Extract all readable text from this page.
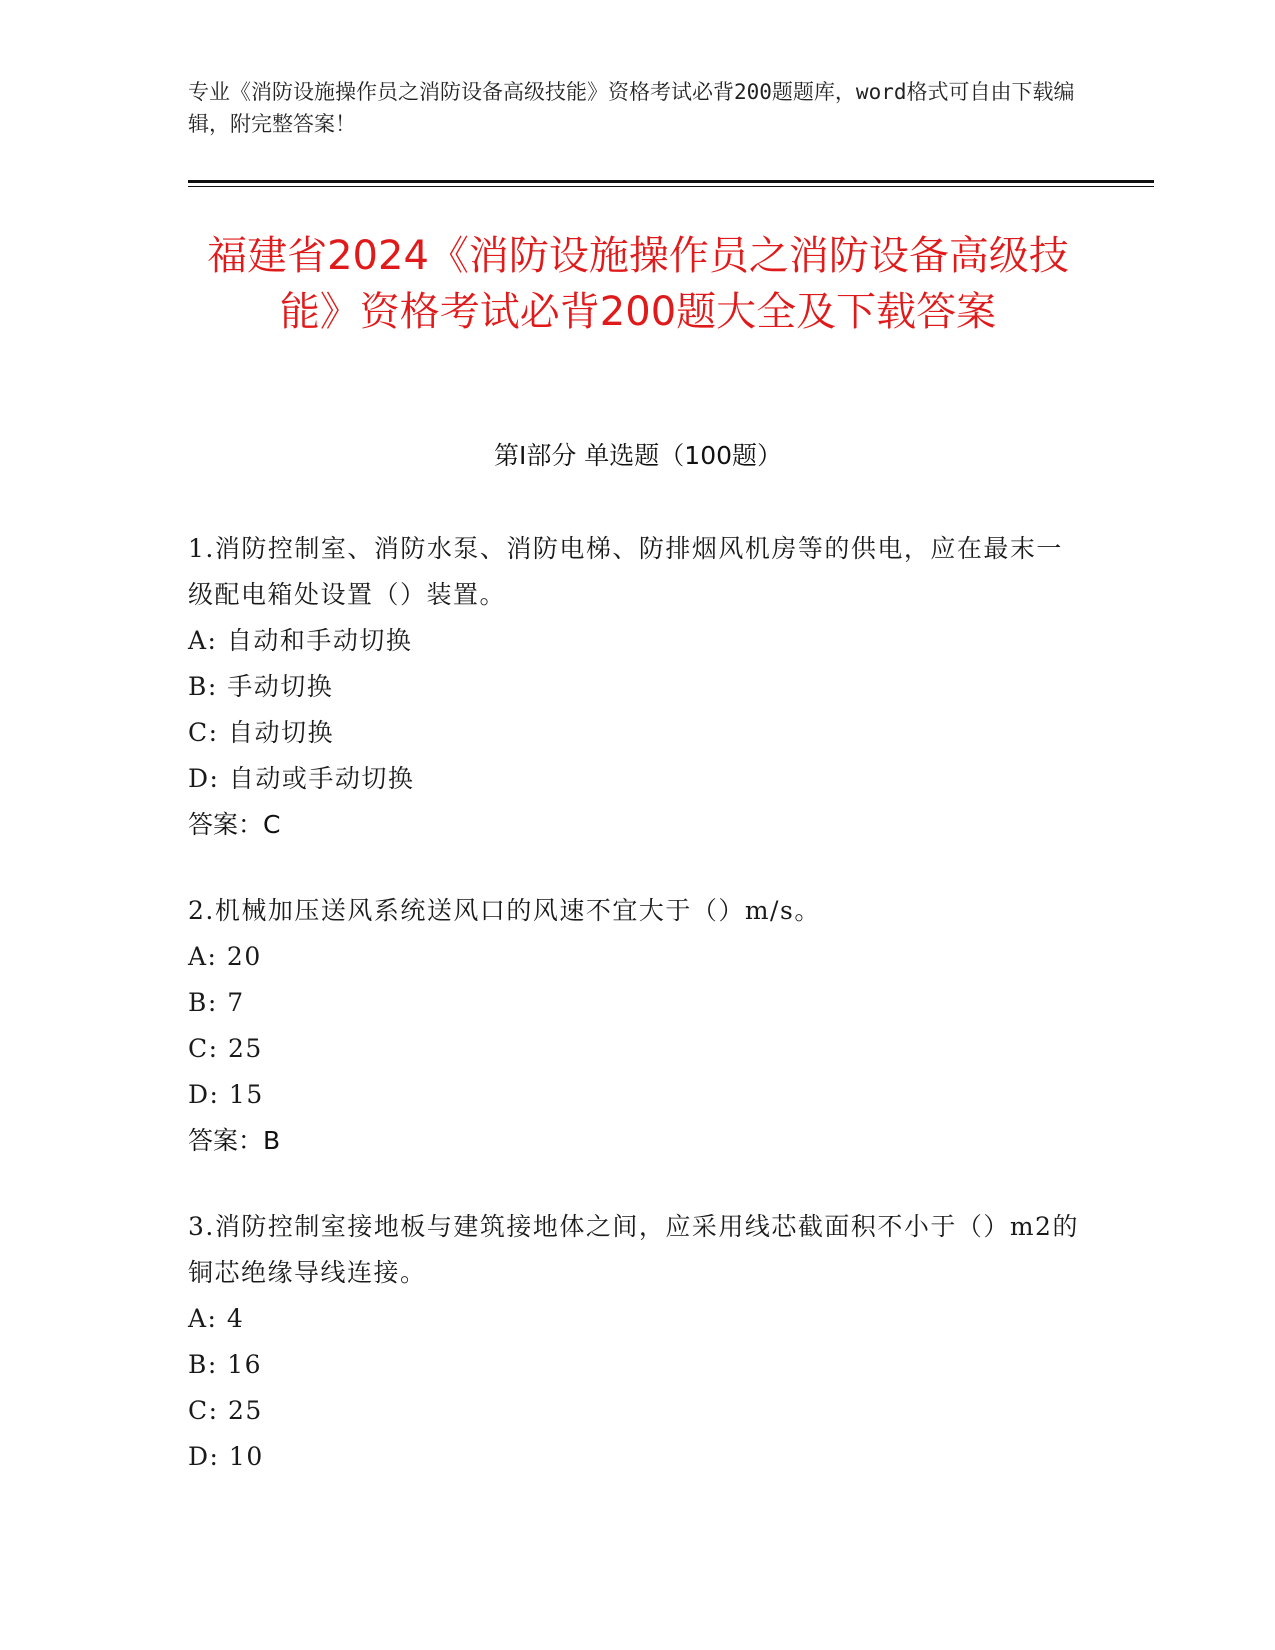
专业《消防设施操作员之消防设备高级技能》资格考试必背200题题库，word格式可自由下载编辑，附完整答案！
福建省2024《消防设施操作员之消防设备高级技能》资格考试必背200题大全及下载答案
第I部分 单选题（100题）

1.消防控制室、消防水泵、消防电梯、防排烟风机房等的供电，应在最末一级配电箱处设置（）装置。

A: 自动和手动切换

B: 手动切换

C: 自动切换

D: 自动或手动切换

答案：C

2.机械加压送风系统送风口的风速不宜大于（）m/s。

A: 20

B: 7

C: 25

D: 15

答案：B

3.消防控制室接地板与建筑接地体之间，应采用线芯截面积不小于（）m2的铜芯绝缘导线连接。

A: 4

B: 16

C: 25

D: 10
